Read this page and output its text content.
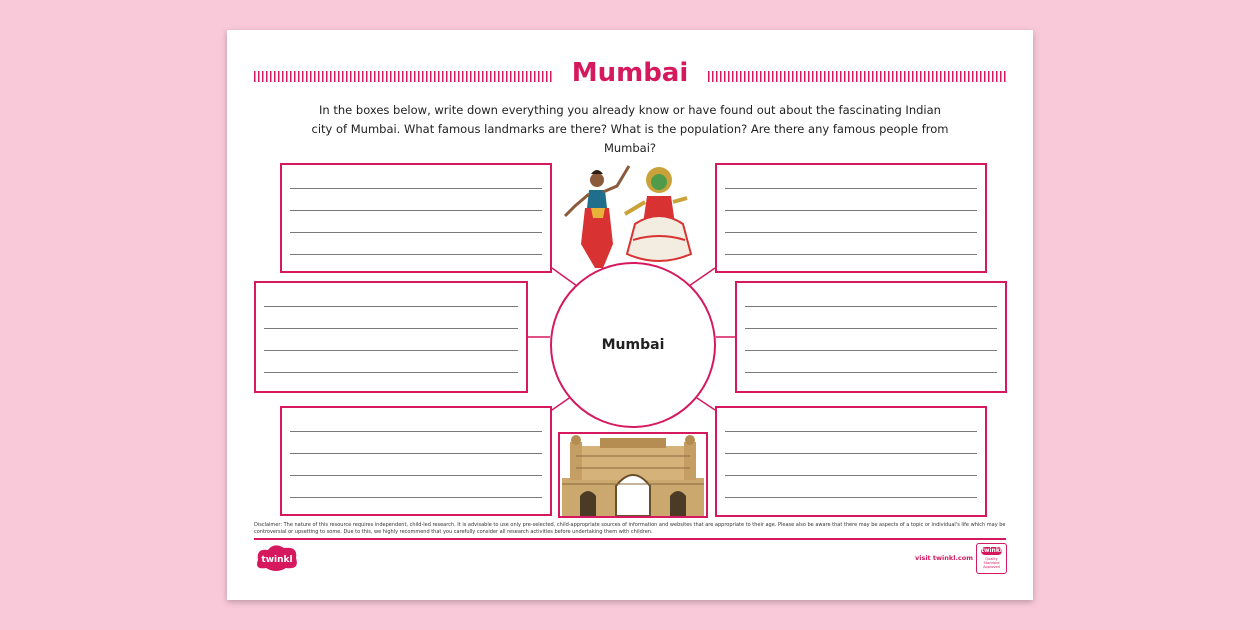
Mumbai
In the boxes below, write down everything you already know or have found out about the fascinating Indian city of Mumbai. What famous landmarks are there? What is the population? Are there any famous people from Mumbai?
Mumbai
Disclaimer: The nature of this resource requires independent, child-led research. It is advisable to use only pre-selected, child-appropriate sources of information and websites that are appropriate to their age. Please also be aware that there may be aspects of a topic or individual's life which may be controversial or upsetting to some. Due to this, we highly recommend that you carefully consider all research activities before undertaking them with children.
twinkl	visit twinkl.com
twinkl
Quality Standard Approved
